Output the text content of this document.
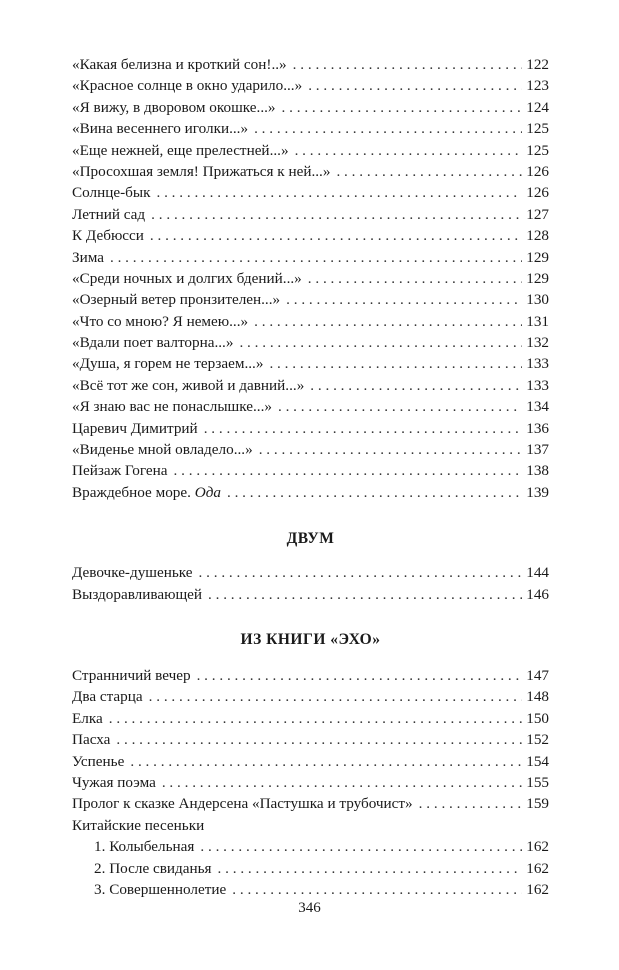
«Какая белизна и кроткий сон!..» . . .	122
«Красное солнце в окно ударило...» . . .	123
«Я вижу, в дворовом окошке...» . . .	124
«Вина весеннего иголки...» . . .	125
«Еще нежней, еще прелестней...» . . .	125
«Просохшая земля! Прижаться к ней...» . . .	126
Солнце-бык . . .	126
Летний сад . . .	127
К Дебюсси . . .	128
Зима . . .	129
«Среди ночных и долгих бдений...» . . .	129
«Озерный ветер пронзителен...» . . .	130
«Что со мною? Я немею...» . . .	131
«Вдали поет валторна...» . . .	132
«Душа, я горем не терзаем...» . . .	133
«Всё тот же сон, живой и давний...» . . .	133
«Я знаю вас не понаслышке...» . . .	134
Царевич Димитрий . . .	136
«Виденье мной овладело...» . . .	137
Пейзаж Гогена . . .	138
Враждебное море. Ода . . .	139
ДВУМ
Девочке-душеньке . . .	144
Выздоравливающей . . .	146
ИЗ КНИГИ «ЭХО»
Странничий вечер . . .	147
Два старца . . .	148
Елка . . .	150
Пасха . . .	152
Успенье . . .	154
Чужая поэма . . .	155
Пролог к сказке Андерсена «Пастушка и трубочист» . . .	159
Китайские песеньки
1. Колыбельная . . .	162
2. После свиданья . . .	162
3. Совершеннолетие . . .	162
346
